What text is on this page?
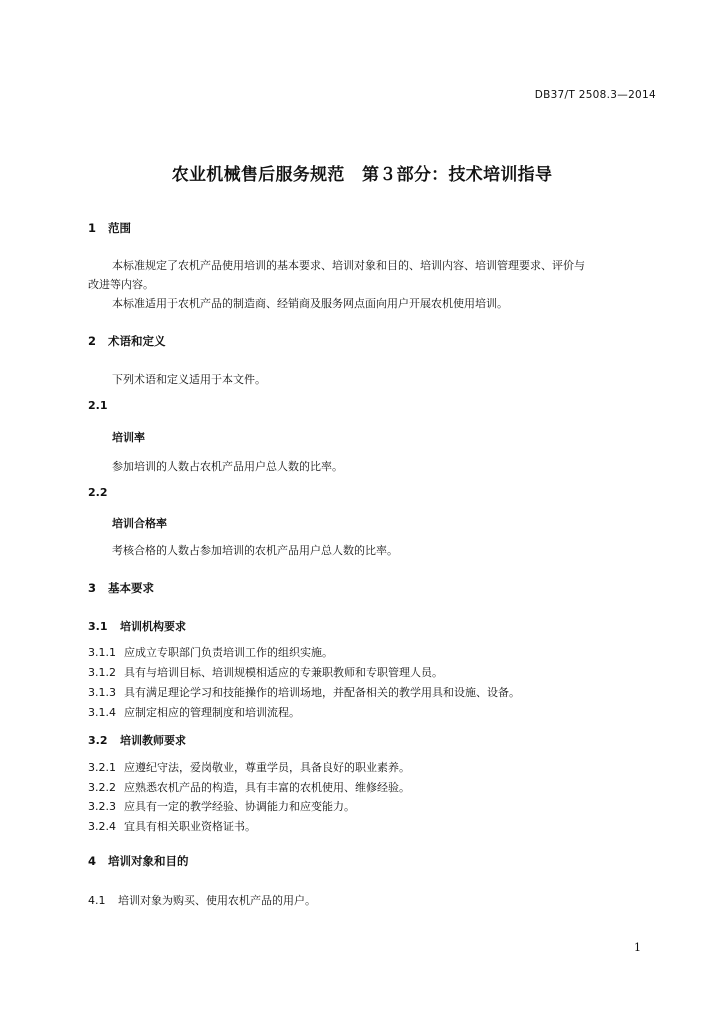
DB37/T 2508.3—2014
农业机械售后服务规范　第３部分：技术培训指导
1 范围
本标准规定了农机产品使用培训的基本要求、培训对象和目的、培训内容、培训管理要求、评价与
改进等内容。
本标准适用于农机产品的制造商、经销商及服务网点面向用户开展农机使用培训。
2 术语和定义
下列术语和定义适用于本文件。
2.1
培训率
参加培训的人数占农机产品用户总人数的比率。
2.2
培训合格率
考核合格的人数占参加培训的农机产品用户总人数的比率。
3 基本要求
3.1 培训机构要求
3.1.1 应成立专职部门负责培训工作的组织实施。
3.1.2 具有与培训目标、培训规模相适应的专兼职教师和专职管理人员。
3.1.3 具有满足理论学习和技能操作的培训场地，并配备相关的教学用具和设施、设备。
3.1.4 应制定相应的管理制度和培训流程。
3.2 培训教师要求
3.2.1 应遵纪守法，爱岗敬业，尊重学员，具备良好的职业素养。
3.2.2 应熟悉农机产品的构造，具有丰富的农机使用、维修经验。
3.2.3 应具有一定的教学经验、协调能力和应变能力。
3.2.4 宜具有相关职业资格证书。
4 培训对象和目的
4.1 培训对象为购买、使用农机产品的用户。
1
